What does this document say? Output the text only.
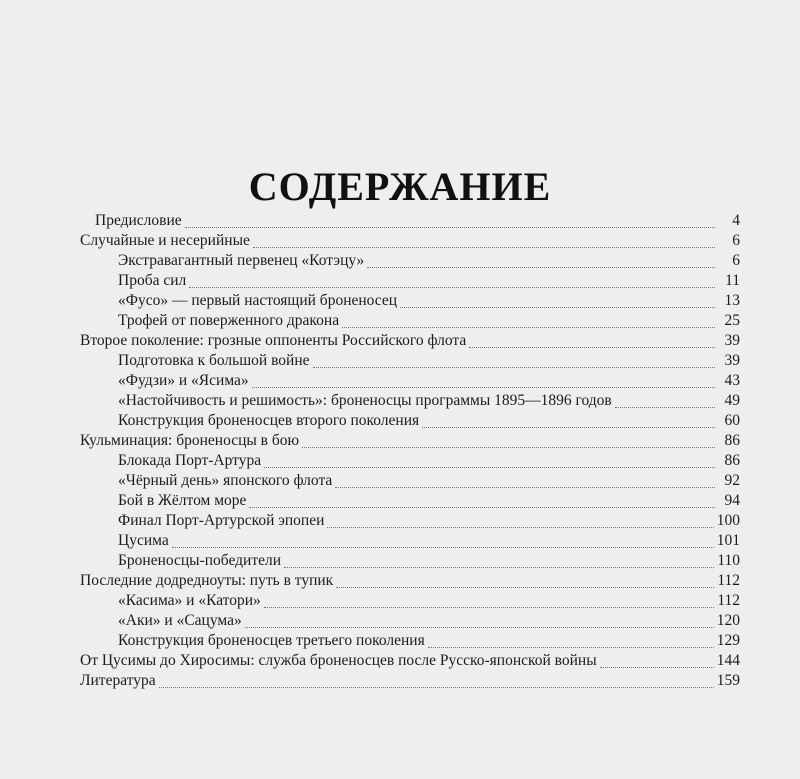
СОДЕРЖАНИЕ
Предисловие	4
Случайные и несерийные	6
Экстравагантный первенец «Котэцу»	6
Проба сил	11
«Фусо» — первый настоящий броненосец	13
Трофей от поверженного дракона	25
Второе поколение: грозные оппоненты Российского флота	39
Подготовка к большой войне	39
«Фудзи» и «Ясима»	43
«Настойчивость и решимость»: броненосцы программы 1895—1896 годов	49
Конструкция броненосцев второго поколения	60
Кульминация: броненосцы в бою	86
Блокада Порт-Артура	86
«Чёрный день» японского флота	92
Бой в Жёлтом море	94
Финал Порт-Артурской эпопеи	100
Цусима	101
Броненосцы-победители	110
Последние додредноуты: путь в тупик	112
«Касима» и «Катори»	112
«Аки» и «Сацума»	120
Конструкция броненосцев третьего поколения	129
От Цусимы до Хиросимы: служба броненосцев после Русско-японской войны	144
Литература	159
